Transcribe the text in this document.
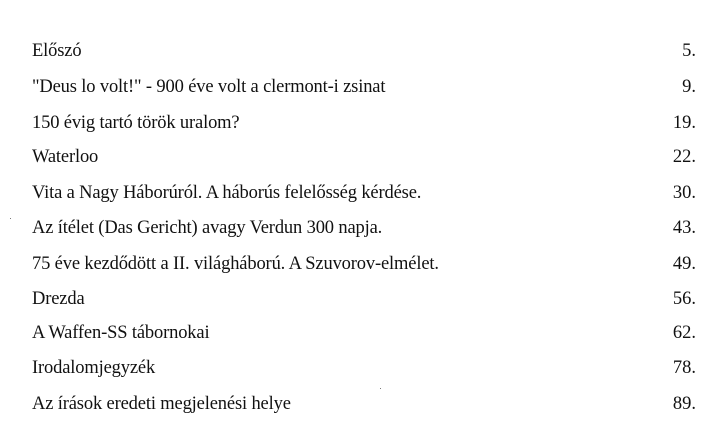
Előszó	5.
"Deus lo volt!" - 900 éve volt a clermont-i zsinat	9.
150 évig tartó török uralom?	19.
Waterloo	22.
Vita a Nagy Háborúról. A háborús felelősség kérdése.	30.
Az ítélet (Das Gericht) avagy Verdun 300 napja.	43.
75 éve kezdődött a II. világháború. A Szuvorov-elmélet.	49.
Drezda	56.
A Waffen-SS tábornokai	62.
Irodalomjegyzék	78.
Az írások eredeti megjelenési helye	89.
